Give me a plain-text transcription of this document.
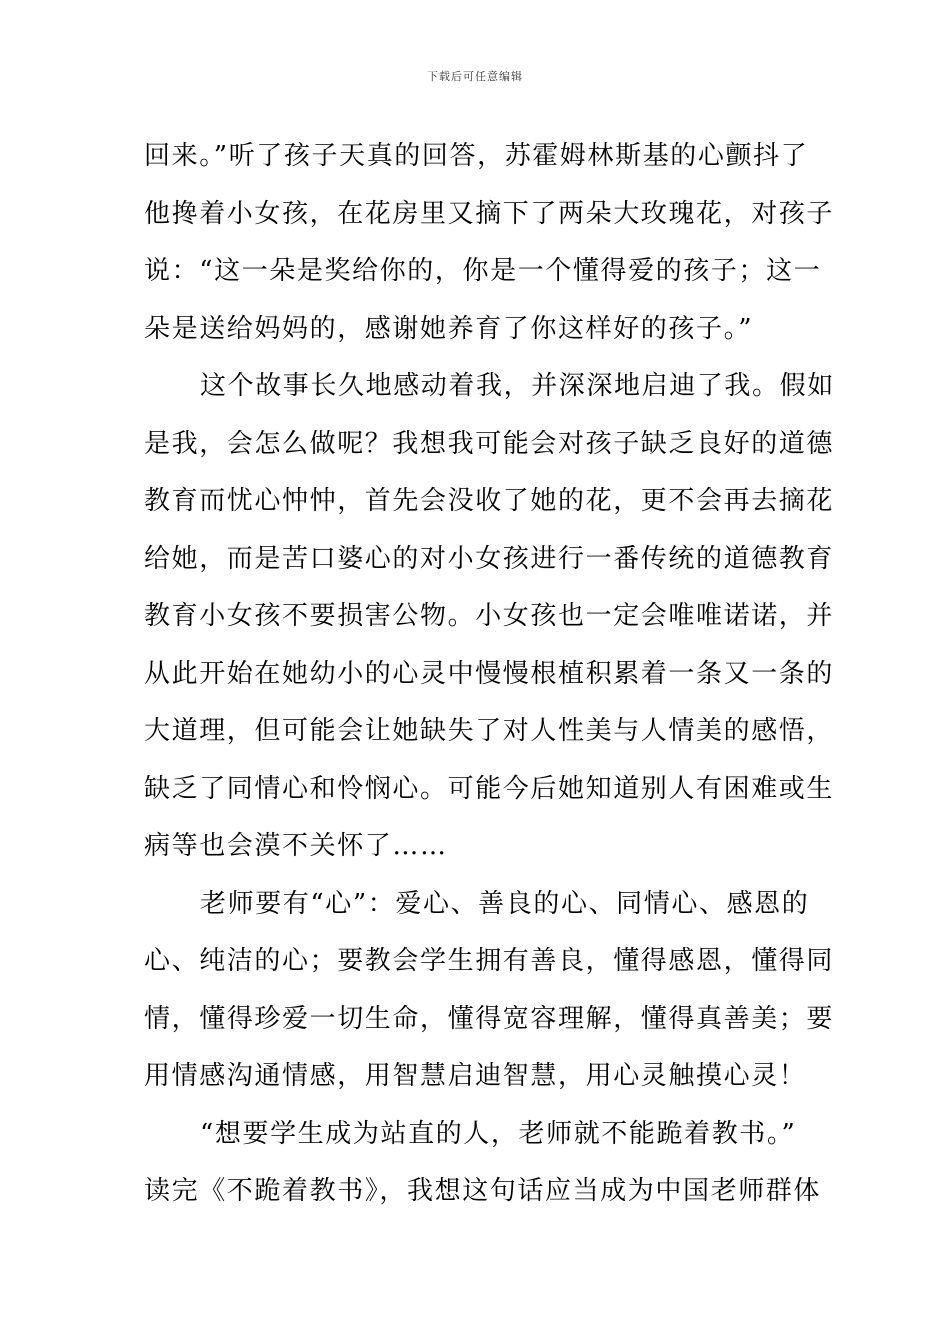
下载后可任意编辑
回来。”听了孩子天真的回答，苏霍姆林斯基的心颤抖了
他搀着小女孩，在花房里又摘下了两朵大玫瑰花，对孩子
说：“这一朵是奖给你的，你是一个懂得爱的孩子；这一
朵是送给妈妈的，感谢她养育了你这样好的孩子。”
这个故事长久地感动着我，并深深地启迪了我。假如
是我，会怎么做呢？我想我可能会对孩子缺乏良好的道德
教育而忧心忡忡，首先会没收了她的花，更不会再去摘花
给她，而是苦口婆心的对小女孩进行一番传统的道德教育
教育小女孩不要损害公物。小女孩也一定会唯唯诺诺，并
从此开始在她幼小的心灵中慢慢根植积累着一条又一条的
大道理，但可能会让她缺失了对人性美与人情美的感悟，
缺乏了同情心和怜悯心。可能今后她知道别人有困难或生
病等也会漠不关怀了……
老师要有“心”：爱心、善良的心、同情心、感恩的
心、纯洁的心；要教会学生拥有善良，懂得感恩，懂得同
情，懂得珍爱一切生命，懂得宽容理解，懂得真善美；要
用情感沟通情感，用智慧启迪智慧，用心灵触摸心灵！
“想要学生成为站直的人，老师就不能跪着教书。”
读完《不跪着教书》，我想这句话应当成为中国老师群体
